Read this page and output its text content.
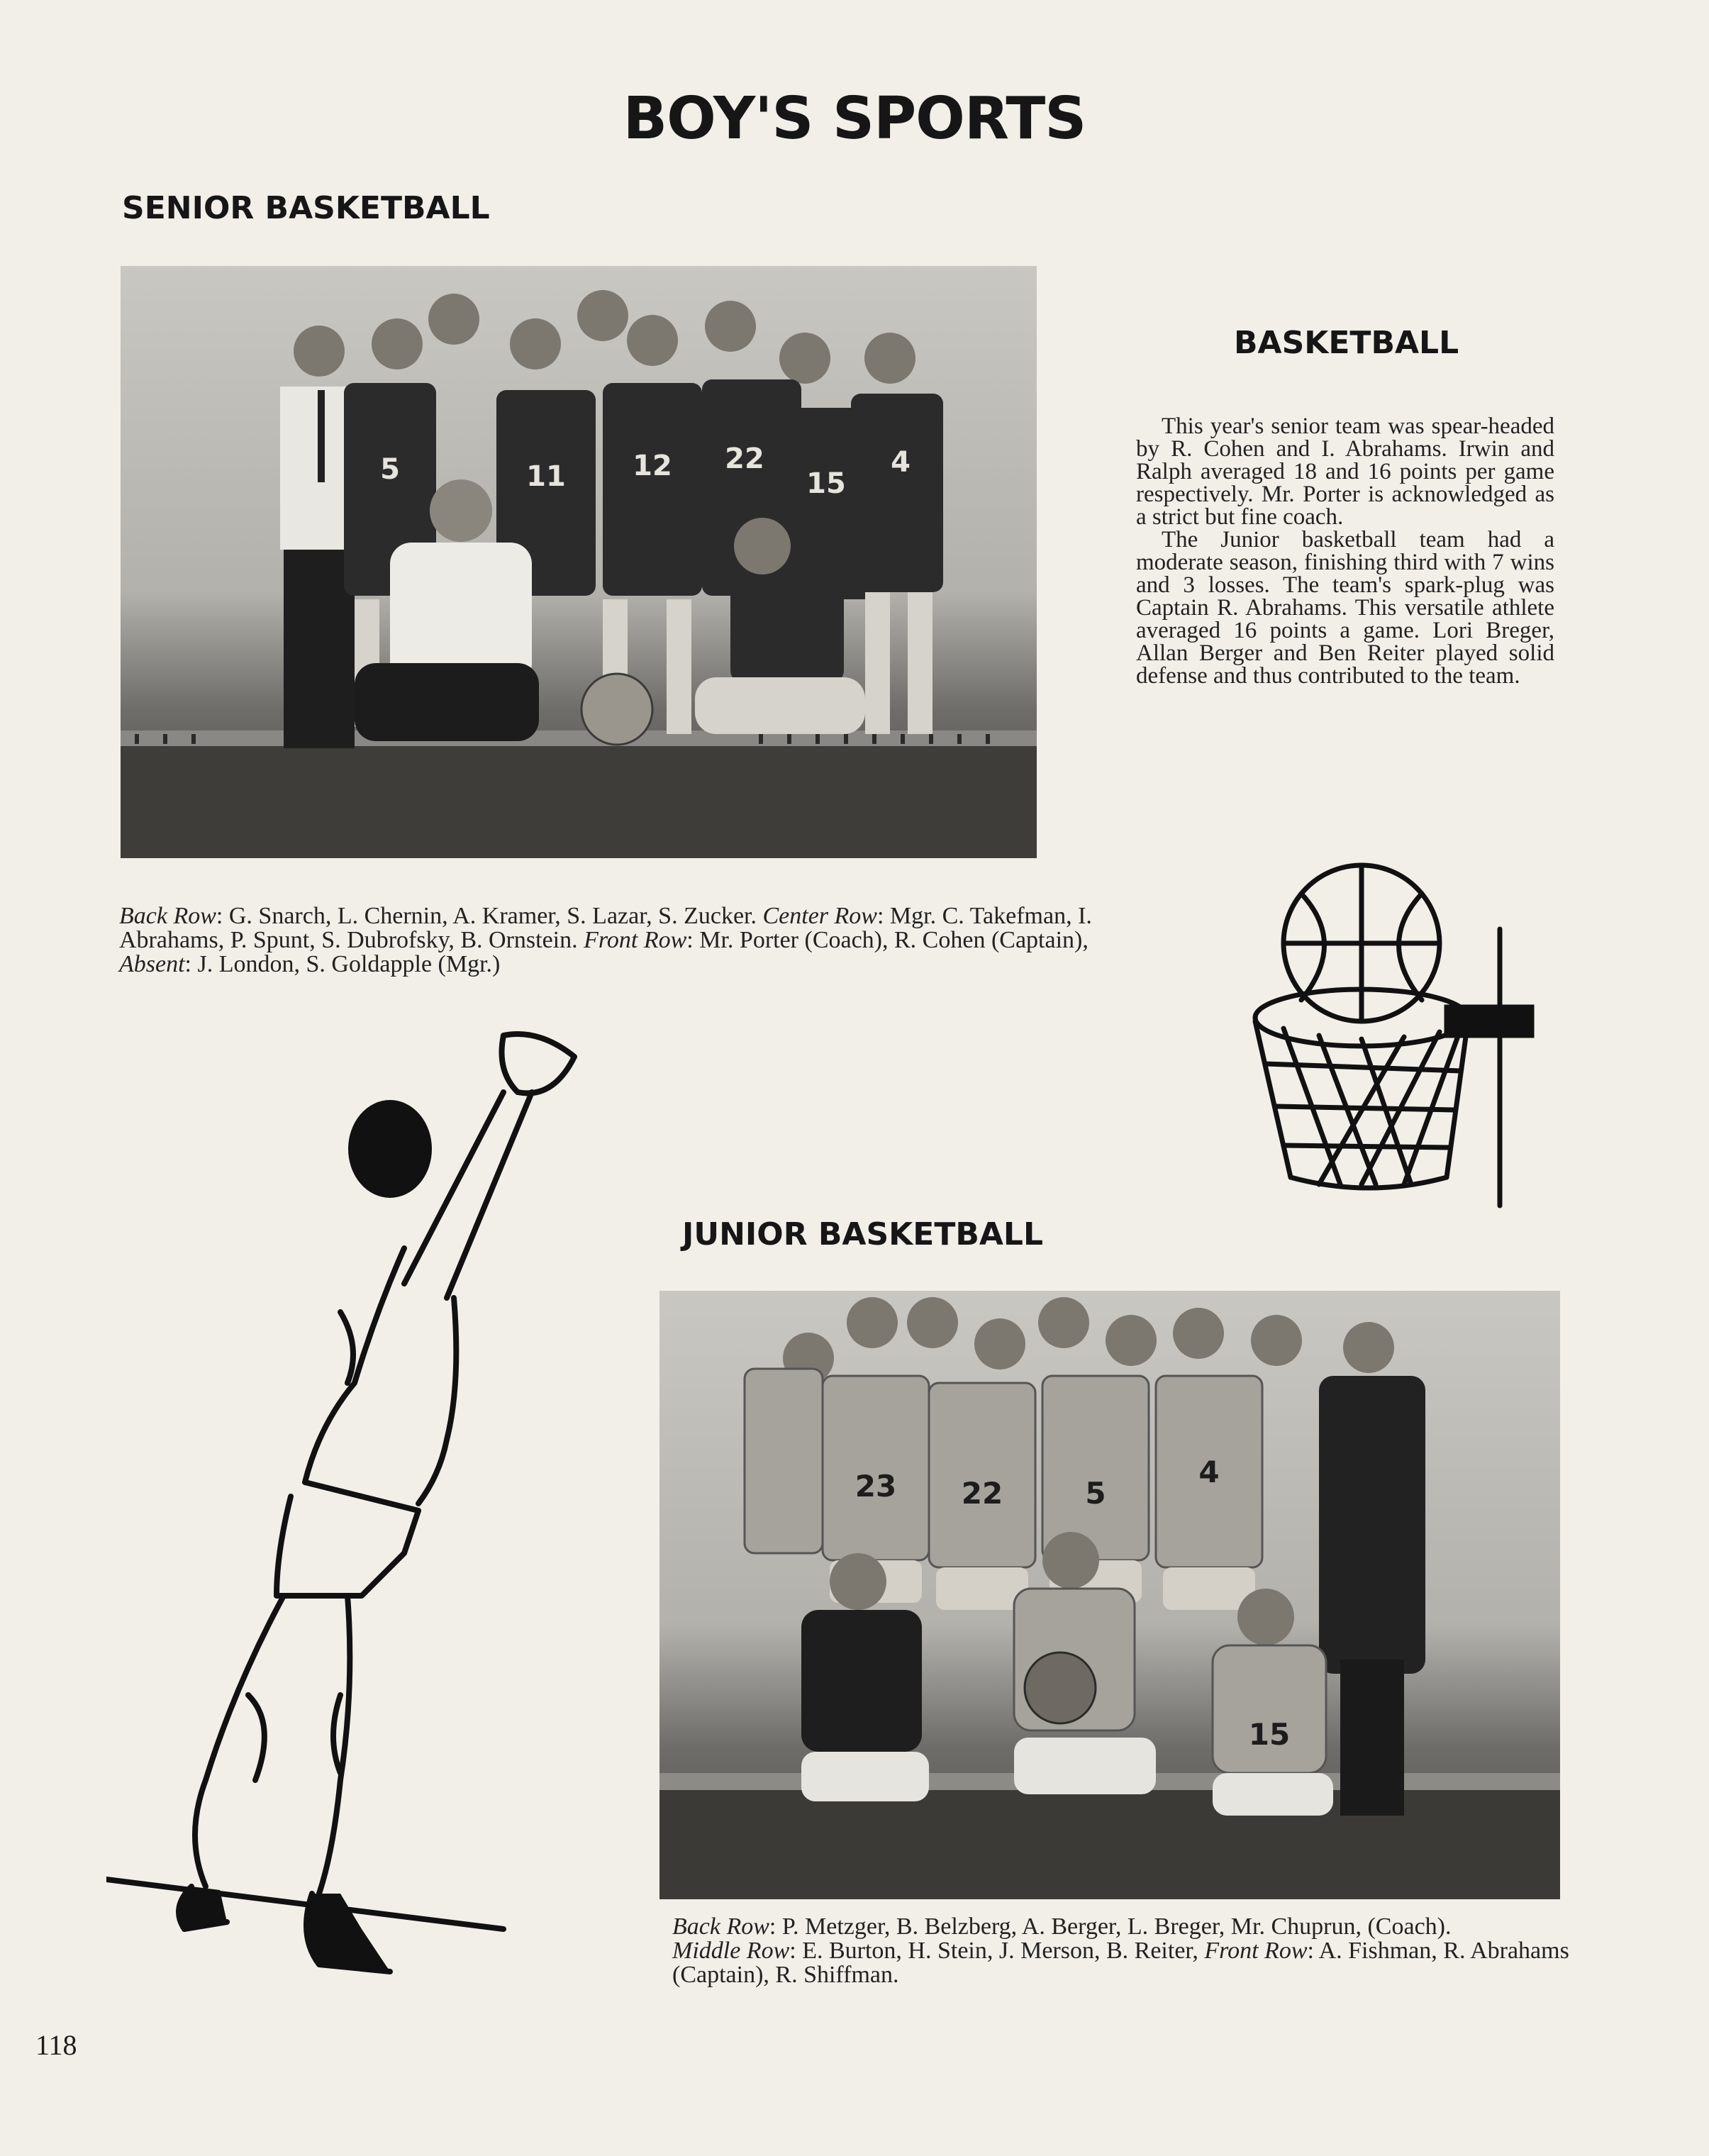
BOY'S SPORTS
SENIOR BASKETBALL
5	11 12 22
15
4
BASKETBALL

This year's senior team was spear-headed by R. Cohen and I. Abrahams. Irwin and Ralph averaged 18 and 16 points per game respectively. Mr. Porter is acknowledged as a strict but fine coach.

The Junior basketball team had a moderate season, finishing third with 7 wins and 3 losses. The team's spark-plug was Captain R. Abrahams. This versatile athlete averaged 16 points a game. Lori Breger, Allan Berger and Ben Reiter played solid defense and thus contributed to the team.

Back Row: G. Snarch, L. Chernin, A. Kramer, S. Lazar, S. Zucker. Center Row: Mgr. C. Takefman, I. Abrahams, P. Spunt, S. Dubrofsky, B. Ornstein. Front Row: Mr. Porter (Coach), R. Cohen (Captain), Absent: J. London, S. Goldapple (Mgr.)
JUNIOR BASKETBALL
23 22	5
4
15
Back Row: P. Metzger, B. Belzberg, A. Berger, L. Breger, Mr. Chuprun, (Coach).
Middle Row: E. Burton, H. Stein, J. Merson, B. Reiter, Front Row: A. Fishman, R. Abrahams (Captain), R. Shiffman.
118
